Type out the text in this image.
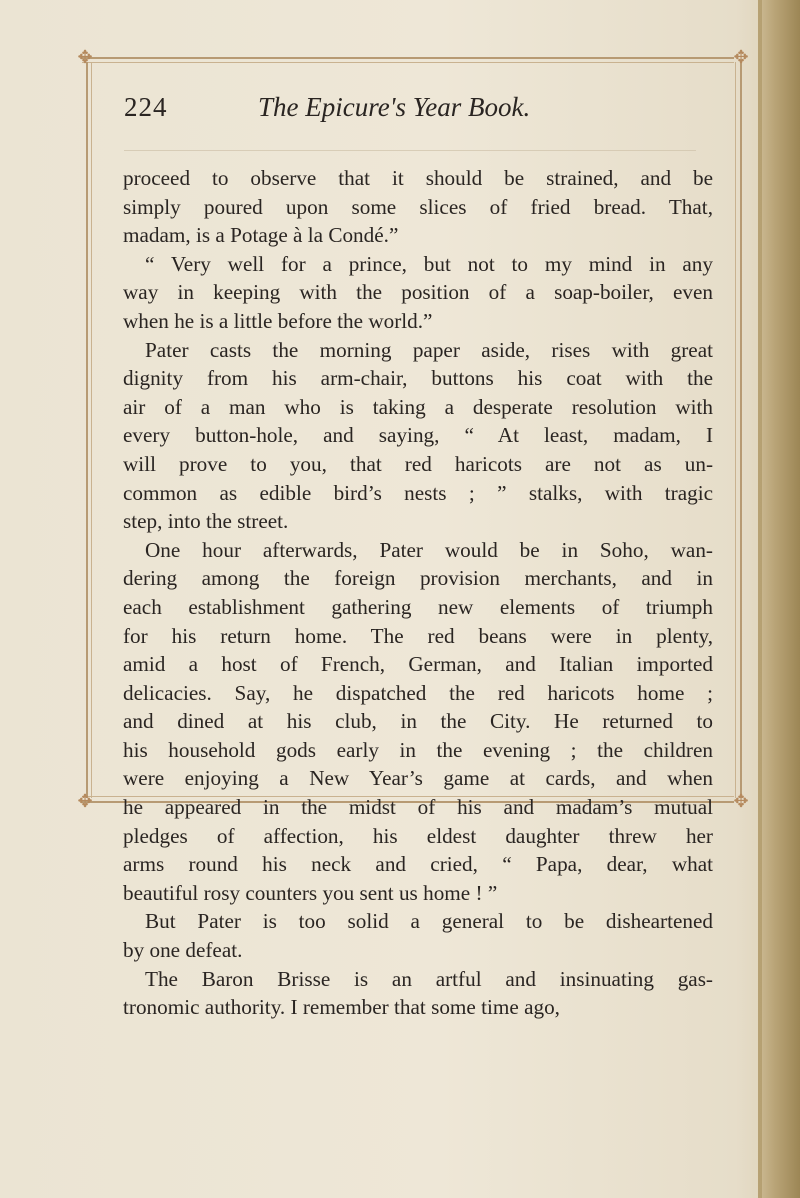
✥	✥
✥	✥
224	The Epicure's Year Book.

proceed to observe that it should be strained, and be
simply poured upon some slices of fried bread. That,
madam, is a Potage à la Condé.”

“ Very well for a prince, but not to my mind in any
way in keeping with the position of a soap-boiler, even
when he is a little before the world.”

Pater casts the morning paper aside, rises with great
dignity from his arm-chair, buttons his coat with the
air of a man who is taking a desperate resolution with
every button-hole, and saying, “ At least, madam, I
will prove to you, that red haricots are not as un-
common as edible bird’s nests ; ” stalks, with tragic
step, into the street.

One hour afterwards, Pater would be in Soho, wan-
dering among the foreign provision merchants, and in
each establishment gathering new elements of triumph
for his return home. The red beans were in plenty,
amid a host of French, German, and Italian imported
delicacies. Say, he dispatched the red haricots home ;
and dined at his club, in the City. He returned to
his household gods early in the evening ; the children
were enjoying a New Year’s game at cards, and when
he appeared in the midst of his and madam’s mutual
pledges of affection, his eldest daughter threw her
arms round his neck and cried, “ Papa, dear, what
beautiful rosy counters you sent us home ! ”

But Pater is too solid a general to be disheartened
by one defeat.

The Baron Brisse is an artful and insinuating gas-
tronomic authority. I remember that some time ago,
